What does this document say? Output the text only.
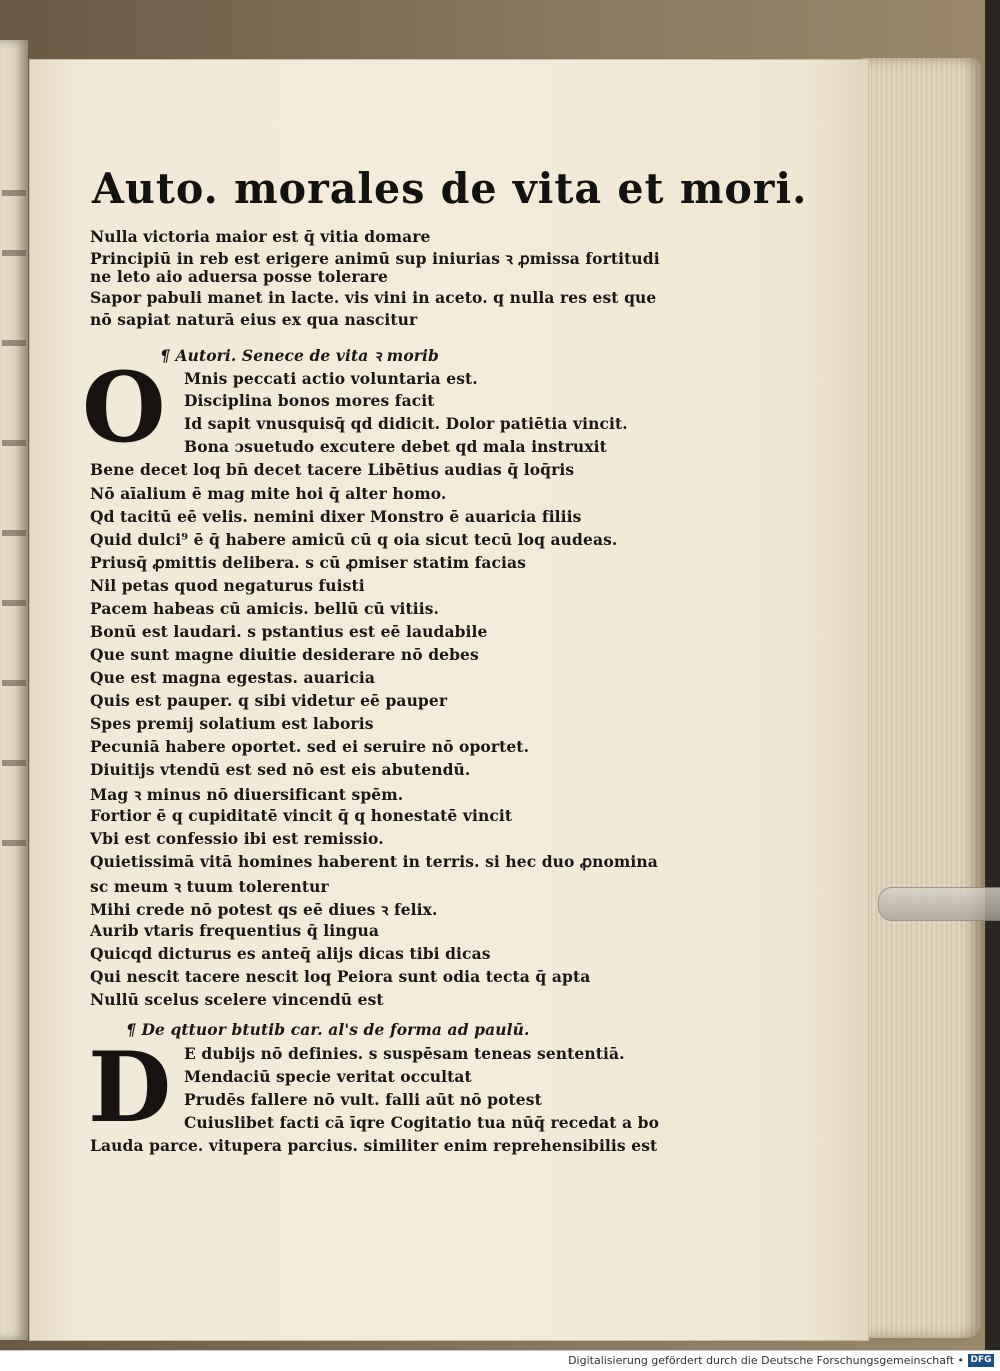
Auto. morales de vita et mori.
Nulla victoria maior est q̄ vitia domare
Principiū in reb est erigere animū sup iniurias ꝛ ꝓmissa fortitudi
ne leto aio aduersa posse tolerare
Sapor pabuli manet in lacte. vis vini in aceto. q nulla res est que
nō sapiat naturā eius ex qua nascitur
¶ Autori. Senece de vita ꝛ morib
O Mnis peccati actio voluntaria est.
Disciplina bonos mores facit
Id sapit vnusquisq̄ qd didicit. Dolor patiētia vincit.
Bona ɔsuetudo excutere debet qd mala instruxit
Bene decet loq bn̄ decet tacere Libētius audias q̄ loq̄ris
Nō aīalium ē mag mite hoi q̄ alter homo.
Qd tacitū eē velis. nemini dixer Monstro ē auaricia filiis
Quid dulci⁹ ē q̄ habere amicū cū q oia sicut tecū loq audeas.
Priusq̄ ꝓmittis delibera. s cū ꝓmiser statim facias
Nil petas quod negaturus fuisti
Pacem habeas cū amicis. bellū cū vitiis.
Bonū est laudari. s pstantius est eē laudabile
Que sunt magne diuitie desiderare nō debes
Que est magna egestas. auaricia
Quis est pauper. q sibi videtur eē pauper
Spes premij solatium est laboris
Pecuniā habere oportet. sed ei seruire nō oportet.
Diuitijs vtendū est sed nō est eis abutendū.
Mag ꝛ minus nō diuersificant spēm.
Fortior ē q cupiditatē vincit q̄ q honestatē vincit
Vbi est confessio ibi est remissio.
Quietissimā vitā homines haberent in terris. si hec duo ꝓnomina
sc meum ꝛ tuum tolerentur
Mihi crede nō potest qs eē diues ꝛ felix.
Aurib vtaris frequentius q̄ lingua
Quicqd dicturus es anteq̄ alijs dicas tibi dicas
Qui nescit tacere nescit loq Peiora sunt odia tecta q̄ apta
Nullū scelus scelere vincendū est
¶ De qttuor btutib car. al's de forma ad paulū.
D E dubijs nō definies. s suspēsam teneas sententiā.
Mendaciū specie veritat occultat
Prudēs fallere nō vult. falli aūt nō potest
Cuiuslibet facti cā īqre Cogitatio tua nūq̄ recedat a bo
Lauda parce. vitupera parcius. similiter enim reprehensibilis est
Digitalisierung gefördert durch die Deutsche Forschungsgemeinschaft • DFG
